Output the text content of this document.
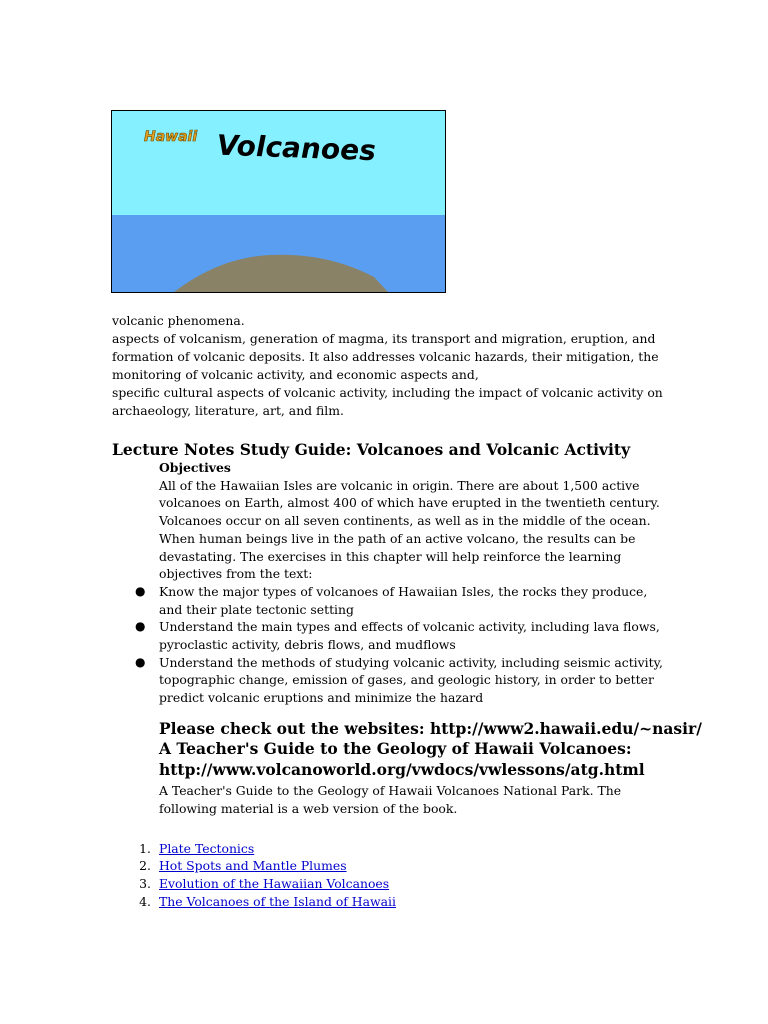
Hawaii Volcanoes

volcanic phenomena.

aspects of volcanism, generation of magma, its transport and migration, eruption, and formation of volcanic deposits. It also addresses volcanic hazards, their mitigation, the monitoring of volcanic activity, and economic aspects and,

specific cultural aspects of volcanic activity, including the impact of volcanic activity on archaeology, literature, art, and film.

Lecture Notes Study Guide: Volcanoes and Volcanic Activity

Objectives

All of the Hawaiian Isles are volcanic in origin. There are about 1,500 active volcanoes on Earth, almost 400 of which have erupted in the twentieth century. Volcanoes occur on all seven continents, as well as in the middle of the ocean. When human beings live in the path of an active volcano, the results can be devastating. The exercises in this chapter will help reinforce the learning objectives from the text:

● Know the major types of volcanoes of Hawaiian Isles, the rocks they produce, and their plate tectonic setting
● Understand the main types and effects of volcanic activity, including lava flows, pyroclastic activity, debris flows, and mudflows
● Understand the methods of studying volcanic activity, including seismic activity, topographic change, emission of gases, and geologic history, in order to better predict volcanic eruptions and minimize the hazard
Please check out the websites: http://www2.hawaii.edu/~nasir/
A Teacher's Guide to the Geology of Hawaii Volcanoes:
http://www.volcanoworld.org/vwdocs/vwlessons/atg.html

A Teacher's Guide to the Geology of Hawaii Volcanoes National Park. The following material is a web version of the book.

1. Plate Tectonics
2. Hot Spots and Mantle Plumes
3. Evolution of the Hawaiian Volcanoes
4. The Volcanoes of the Island of Hawaii
